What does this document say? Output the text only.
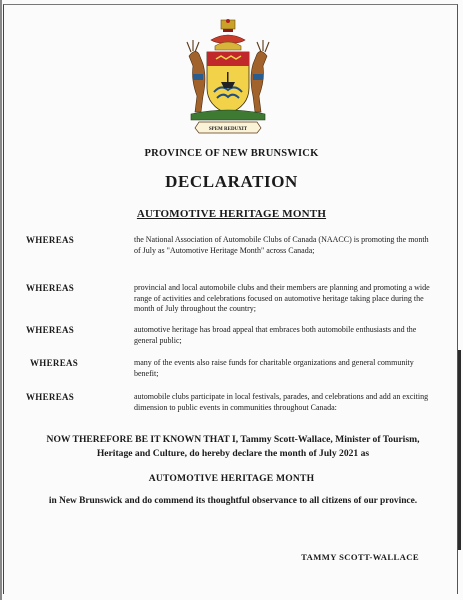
SPEM REDUXIT
PROVINCE OF NEW BRUNSWICK
DECLARATION
AUTOMOTIVE HERITAGE MONTH
WHEREAS	the National Association of Automobile Clubs of Canada (NAACC) is promoting the month of July as "Automotive Heritage Month" across Canada;
WHEREAS	provincial and local automobile clubs and their members are planning and promoting a wide range of activities and celebrations focused on automotive heritage taking place during the month of July throughout the country;
WHEREAS	automotive heritage has broad appeal that embraces both automobile enthusiasts and the general public;
WHEREAS	many of the events also raise funds for charitable organizations and general community benefit;
WHEREAS	automobile clubs participate in local festivals, parades, and celebrations and add an exciting dimension to public events in communities throughout Canada:
NOW THEREFORE BE IT KNOWN THAT I, Tammy Scott-Wallace, Minister of Tourism, Heritage and Culture, do hereby declare the month of July 2021 as
AUTOMOTIVE HERITAGE MONTH
in New Brunswick and do commend its thoughtful observance to all citizens of our province.
TAMMY SCOTT-WALLACE
